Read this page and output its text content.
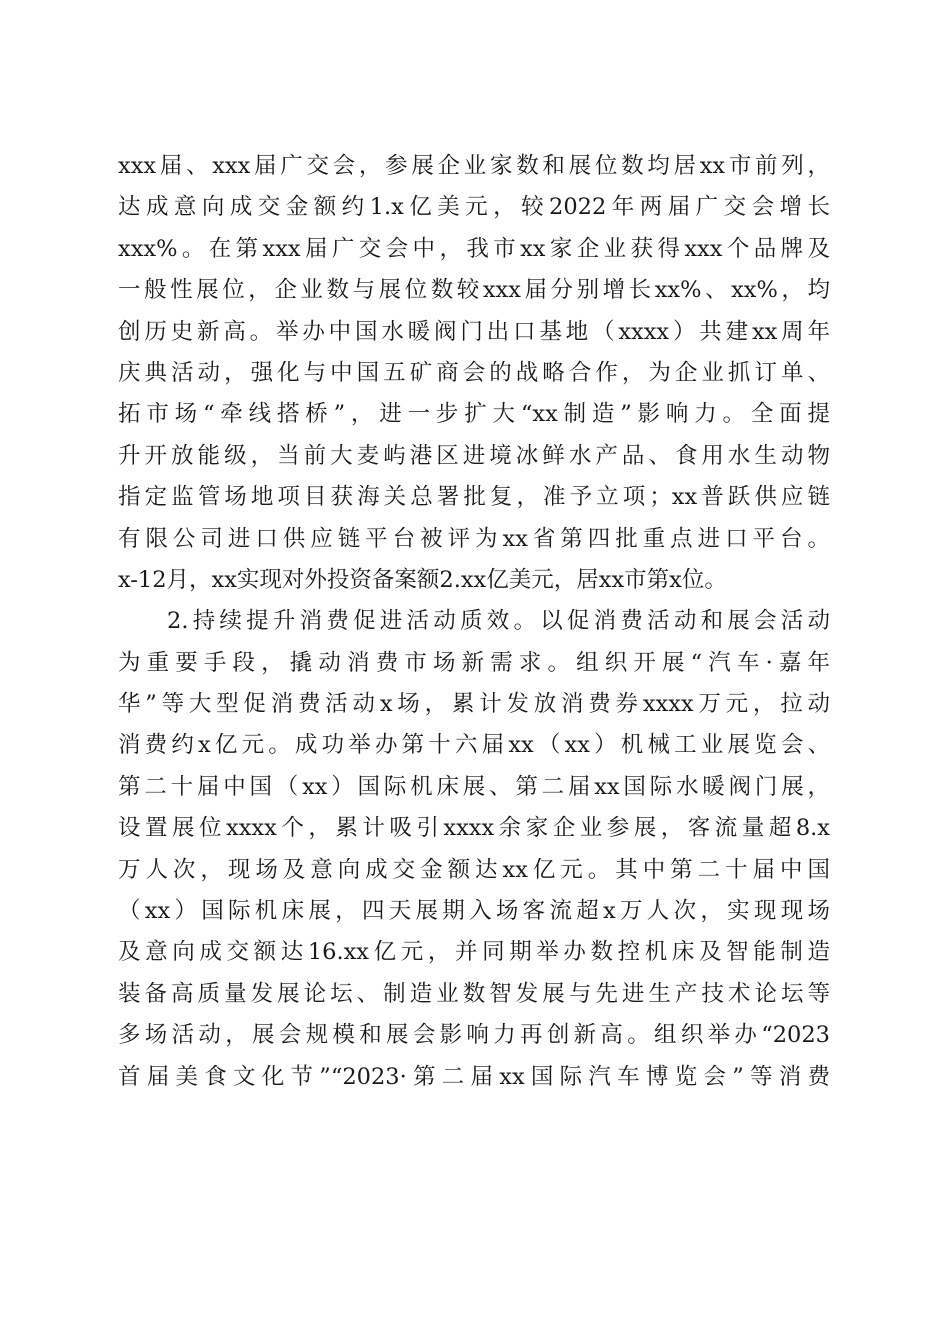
xxx届、xxx届广交会，参展企业家数和展位数均居xx市前列，
达成意向成交金额约1.x亿美元，较2022年两届广交会增长
xxx%。在第xxx届广交会中，我市xx家企业获得xxx个品牌及
一般性展位，企业数与展位数较xxx届分别增长xx%、xx%，均
创历史新高。举办中国水暖阀门出口基地（xxxx）共建xx周年
庆典活动，强化与中国五矿商会的战略合作，为企业抓订单、
拓市场“牵线搭桥”，进一步扩大“xx制造”影响力。全面提
升开放能级，当前大麦屿港区进境冰鲜水产品、食用水生动物
指定监管场地项目获海关总署批复，准予立项；xx普跃供应链
有限公司进口供应链平台被评为xx省第四批重点进口平台。
x-12月，xx实现对外投资备案额2.xx亿美元，居xx市第x位。
2.持续提升消费促进活动质效。以促消费活动和展会活动
为重要手段，撬动消费市场新需求。组织开展“汽车·嘉年
华”等大型促消费活动x场，累计发放消费券xxxx万元，拉动
消费约x亿元。成功举办第十六届xx（xx）机械工业展览会、
第二十届中国（xx）国际机床展、第二届xx国际水暖阀门展，
设置展位xxxx个，累计吸引xxxx余家企业参展，客流量超8.x
万人次，现场及意向成交金额达xx亿元。其中第二十届中国
（xx）国际机床展，四天展期入场客流超x万人次，实现现场
及意向成交额达16.xx亿元，并同期举办数控机床及智能制造
装备高质量发展论坛、制造业数智发展与先进生产技术论坛等
多场活动，展会规模和展会影响力再创新高。组织举办“2023
首届美食文化节”“2023·第二届xx国际汽车博览会”等消费
